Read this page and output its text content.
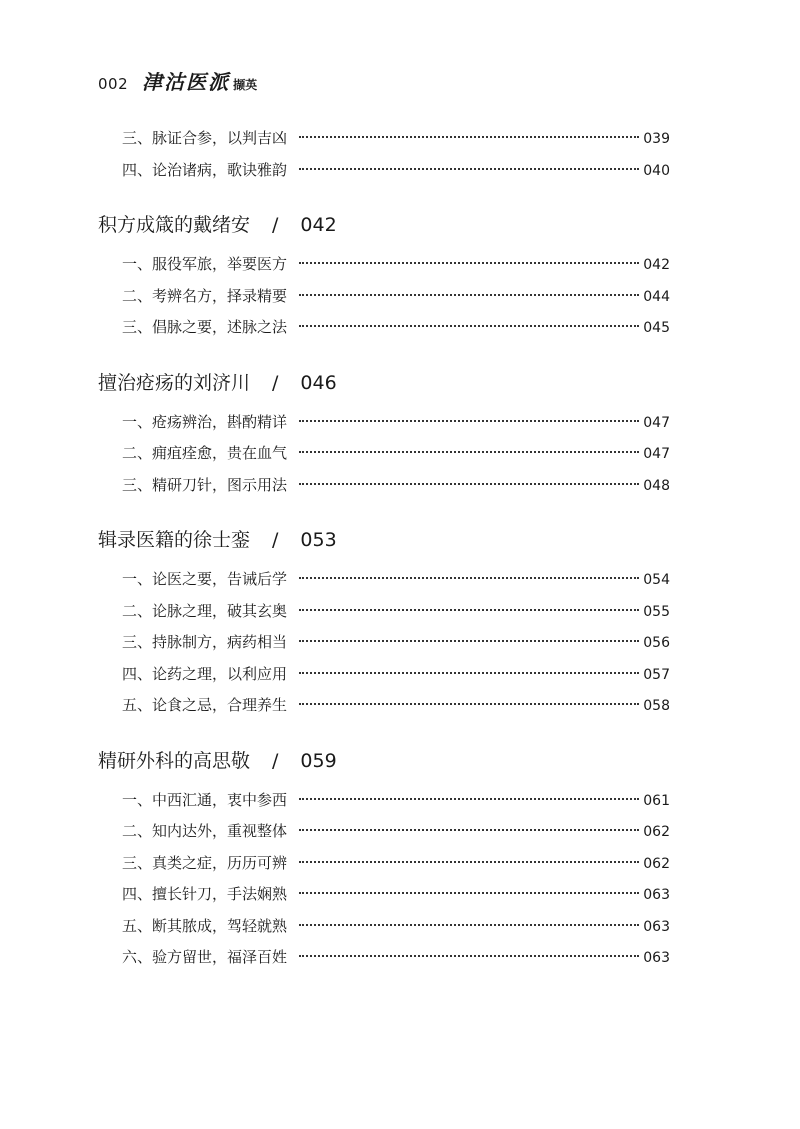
002 津沽医派 撷英
三、脉证合参，以判吉凶	039
四、论治诸病，歌诀雅韵	040
积方成箴的戴绪安 / 042
一、服役军旅，举要医方	042
二、考辨名方，择录精要	044
三、倡脉之要，述脉之法	045
擅治疮疡的刘济川 / 046
一、疮疡辨治，斟酌精详	047
二、痈疽痊愈，贵在血气	047
三、精研刀针，图示用法	048
辑录医籍的徐士銮 / 053
一、论医之要，告诫后学	054
二、论脉之理，破其玄奥	055
三、持脉制方，病药相当	056
四、论药之理，以利应用	057
五、论食之忌，合理养生	058
精研外科的高思敬 / 059
一、中西汇通，衷中参西	061
二、知内达外，重视整体	062
三、真类之症，历历可辨	062
四、擅长针刀，手法娴熟	063
五、断其脓成，驾轻就熟	063
六、验方留世，福泽百姓	063
